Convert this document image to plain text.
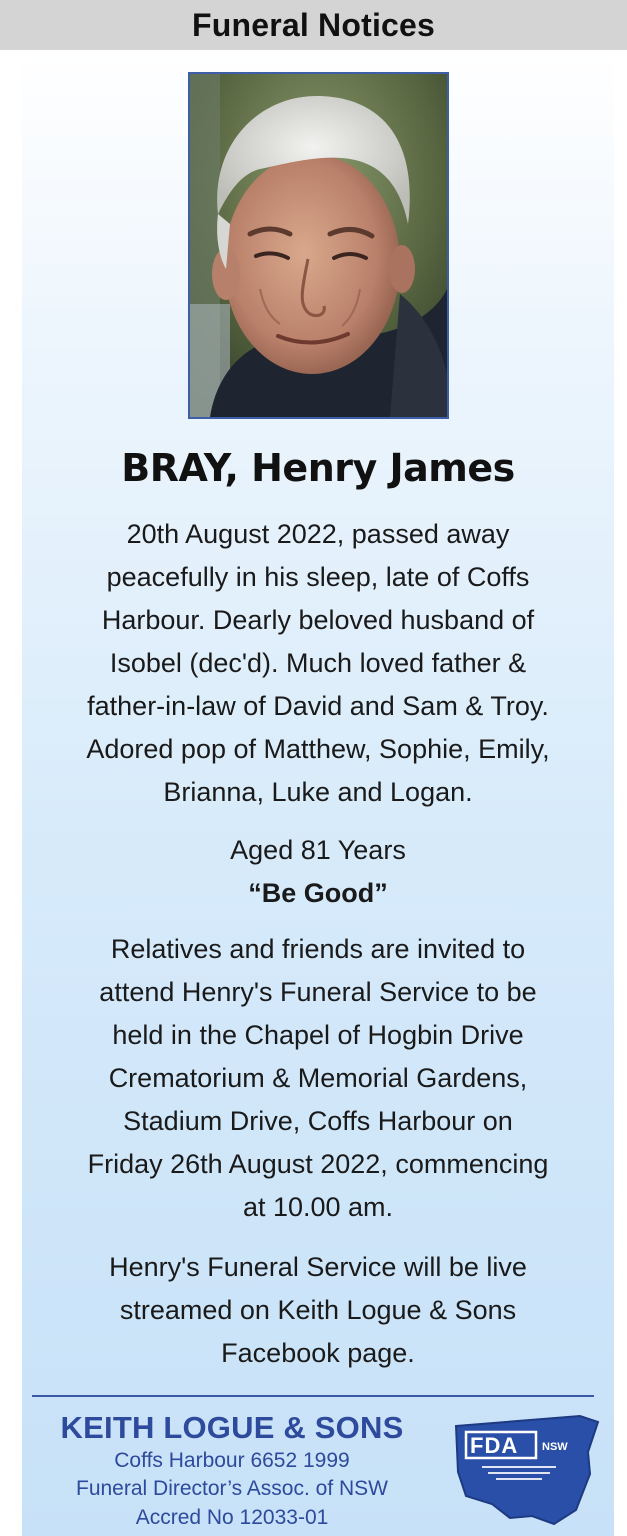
Funeral Notices
BRAY, Henry James

20th August 2022, passed away
peacefully in his sleep, late of Coffs
Harbour. Dearly beloved husband of
Isobel (dec'd). Much loved father &
father-in-law of David and Sam & Troy.
Adored pop of Matthew, Sophie, Emily,
Brianna, Luke and Logan.

Aged 81 Years

“Be Good”

Relatives and friends are invited to
attend Henry's Funeral Service to be
held in the Chapel of Hogbin Drive
Crematorium & Memorial Gardens,
Stadium Drive, Coffs Harbour on
Friday 26th August 2022, commencing
at 10.00 am.

Henry's Funeral Service will be live
streamed on Keith Logue & Sons
Facebook page.

KEITH LOGUE & SONS
Coffs Harbour 6652 1999
Funeral Director’s Assoc. of NSW
Accred No 12033-01
FDA NSW
